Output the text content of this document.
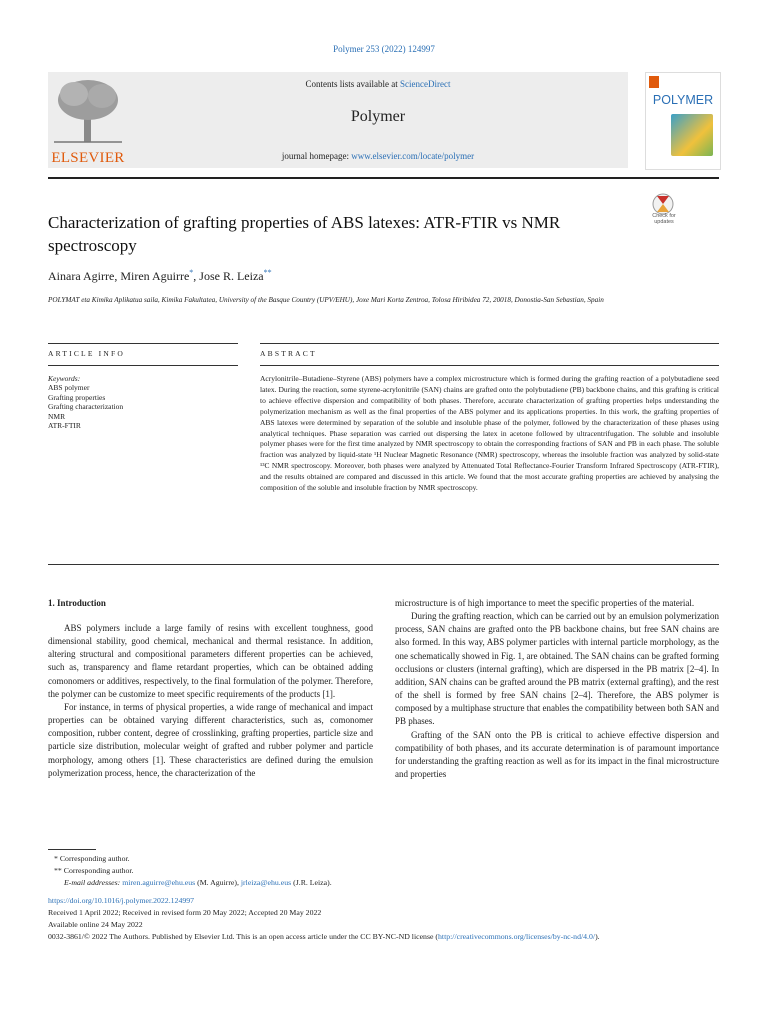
Polymer 253 (2022) 124997
ELSEVIER
Contents lists available at ScienceDirect
Polymer
journal homepage: www.elsevier.com/locate/polymer
POLYMER
Characterization of grafting properties of ABS latexes: ATR-FTIR vs NMR spectroscopy
Check for updates
Ainara Agirre, Miren Aguirre*, Jose R. Leiza**
POLYMAT eta Kimika Aplikatua saila, Kimika Fakultatea, University of the Basque Country (UPV/EHU), Joxe Mari Korta Zentroa, Tolosa Hiribidea 72, 20018, Donostia-San Sebastian, Spain
ARTICLE INFO	ABSTRACT
Keywords:
ABS polymer
Grafting properties
Grafting characterization
NMR
ATR-FTIR
Acrylonitrile–Butadiene–Styrene (ABS) polymers have a complex microstructure which is formed during the grafting reaction of a polybutadiene seed latex. During the reaction, some styrene-acrylonitrile (SAN) chains are grafted onto the polybutadiene (PB) backbone chains, and this grafting is critical to achieve effective dispersion and compatibility of both phases. Therefore, accurate characterization of grafting properties helps understanding the polymerization mechanism as well as the final properties of the ABS polymer and its applications properties. In this work, the grafting properties of ABS latexes were determined by separation of the soluble and insoluble phase of the polymer, followed by the characterization of these phases using analytical techniques. Phase separation was carried out dispersing the latex in acetone followed by ultracentrifugation. The soluble and insoluble polymer phases were for the first time analyzed by NMR spectroscopy to obtain the corresponding fractions of SAN and PB in each phase. The soluble fraction was analyzed by liquid-state ¹H Nuclear Magnetic Resonance (NMR) spectroscopy, whereas the insoluble fraction was analyzed by solid-state ¹³C NMR spectroscopy. Moreover, both phases were analyzed by Attenuated Total Reflectance-Fourier Transform Infrared Spectroscopy (ATR-FTIR), and the results obtained are compared and discussed in this article. We found that the most accurate grafting properties are achieved by analysing the composition of the soluble and insoluble fraction by NMR spectroscopy.
1. Introduction

ABS polymers include a large family of resins with excellent toughness, good dimensional stability, good chemical, mechanical and thermal resistance. In addition, altering structural and compositional parameters different properties can be achieved, such as, transparency and flame retardant properties, which can be obtained adding comonomers or additives, respectively, to the final formulation of the polymer. Therefore, the polymer can be customize to meet specific requirements of the products [1].

For instance, in terms of physical properties, a wide range of mechanical and impact properties can be obtained varying different characteristics, such as, comonomer composition, rubber content, degree of crosslinking, grafting properties, particle size and particle size distribution, molecular weight of grafted and rubber polymer and particle morphology, among others [1]. These characteristics are defined during the emulsion polymerization process, hence, the characterization of the

microstructure is of high importance to meet the specific properties of the material.

During the grafting reaction, which can be carried out by an emulsion polymerization process, SAN chains are grafted onto the PB backbone chains, but free SAN chains are also formed. In this way, ABS polymer particles with internal particle morphology, as the one schematically showed in Fig. 1, are obtained. The SAN chains can be grafted forming occlusions or clusters (internal grafting), which are dispersed in the PB matrix [2–4]. In addition, SAN chains can be grafted around the PB matrix (external grafting), and the rest of the shell is formed by free SAN chains [2–4]. Therefore, the ABS polymer is composed by a multiphase structure that enables the compatibility between both SAN and PB phases.

Grafting of the SAN onto the PB is critical to achieve effective dispersion and compatibility of both phases, and its accurate determination is of paramount importance for understanding the grafting reaction as well as for its impact in the final microstructure and properties

* Corresponding author.
** Corresponding author.
E-mail addresses: miren.aguirre@ehu.eus (M. Aguirre), jrleiza@ehu.eus (J.R. Leiza).
https://doi.org/10.1016/j.polymer.2022.124997
Received 1 April 2022; Received in revised form 20 May 2022; Accepted 20 May 2022
Available online 24 May 2022
0032-3861/© 2022 The Authors. Published by Elsevier Ltd. This is an open access article under the CC BY-NC-ND license (http://creativecommons.org/licenses/by-nc-nd/4.0/).
